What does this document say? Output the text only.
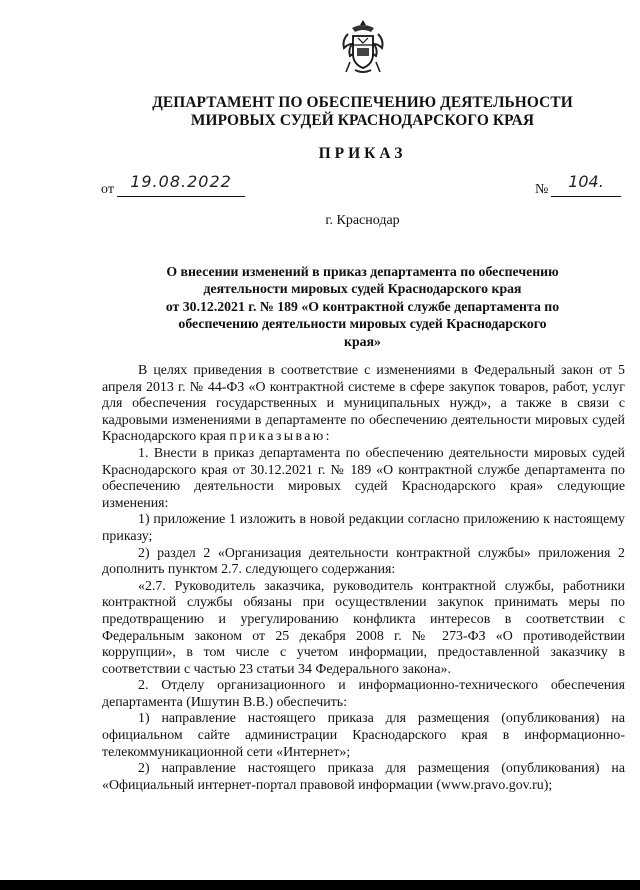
ДЕПАРТАМЕНТ ПО ОБЕСПЕЧЕНИЮ ДЕЯТЕЛЬНОСТИ
МИРОВЫХ СУДЕЙ КРАСНОДАРСКОГО КРАЯ
ПРИКАЗ
от	19.08.2022	№	104.
г. Краснодар
О внесении изменений в приказ департамента по обеспечению
деятельности мировых судей Краснодарского края
от 30.12.2021 г. № 189 «О контрактной службе департамента по
обеспечению деятельности мировых судей Краснодарского
края»

В целях приведения в соответствие с изменениями в Федеральный закон от 5 апреля 2013 г. № 44-ФЗ «О контрактной системе в сфере закупок товаров, работ, услуг для обеспечения государственных и муниципальных нужд», а также в связи с кадровыми изменениями в департаменте по обеспечению деятельности мировых судей Краснодарского края приказываю:

1. Внести в приказ департамента по обеспечению деятельности мировых судей Краснодарского края от 30.12.2021 г. № 189 «О контрактной службе департамента по обеспечению деятельности мировых судей Краснодарского края» следующие изменения:

1) приложение 1 изложить в новой редакции согласно приложению к настоящему приказу;

2) раздел 2 «Организация деятельности контрактной службы» приложения 2 дополнить пунктом 2.7. следующего содержания:

«2.7. Руководитель заказчика, руководитель контрактной службы, работники контрактной службы обязаны при осуществлении закупок принимать меры по предотвращению и урегулированию конфликта интересов в соответствии с Федеральным законом от 25 декабря 2008 г. № 273-ФЗ «О противодействии коррупции», в том числе с учетом информации, предоставленной заказчику в соответствии с частью 23 статьи 34 Федерального закона».

2. Отделу организационного и информационно-технического обеспечения департамента (Ишутин В.В.) обеспечить:

1) направление настоящего приказа для размещения (опубликования) на официальном сайте администрации Краснодарского края в информационно-телекоммуникационной сети «Интернет»;

2) направление настоящего приказа для размещения (опубликования) на «Официальный интернет-портал правовой информации (www.pravo.gov.ru);
